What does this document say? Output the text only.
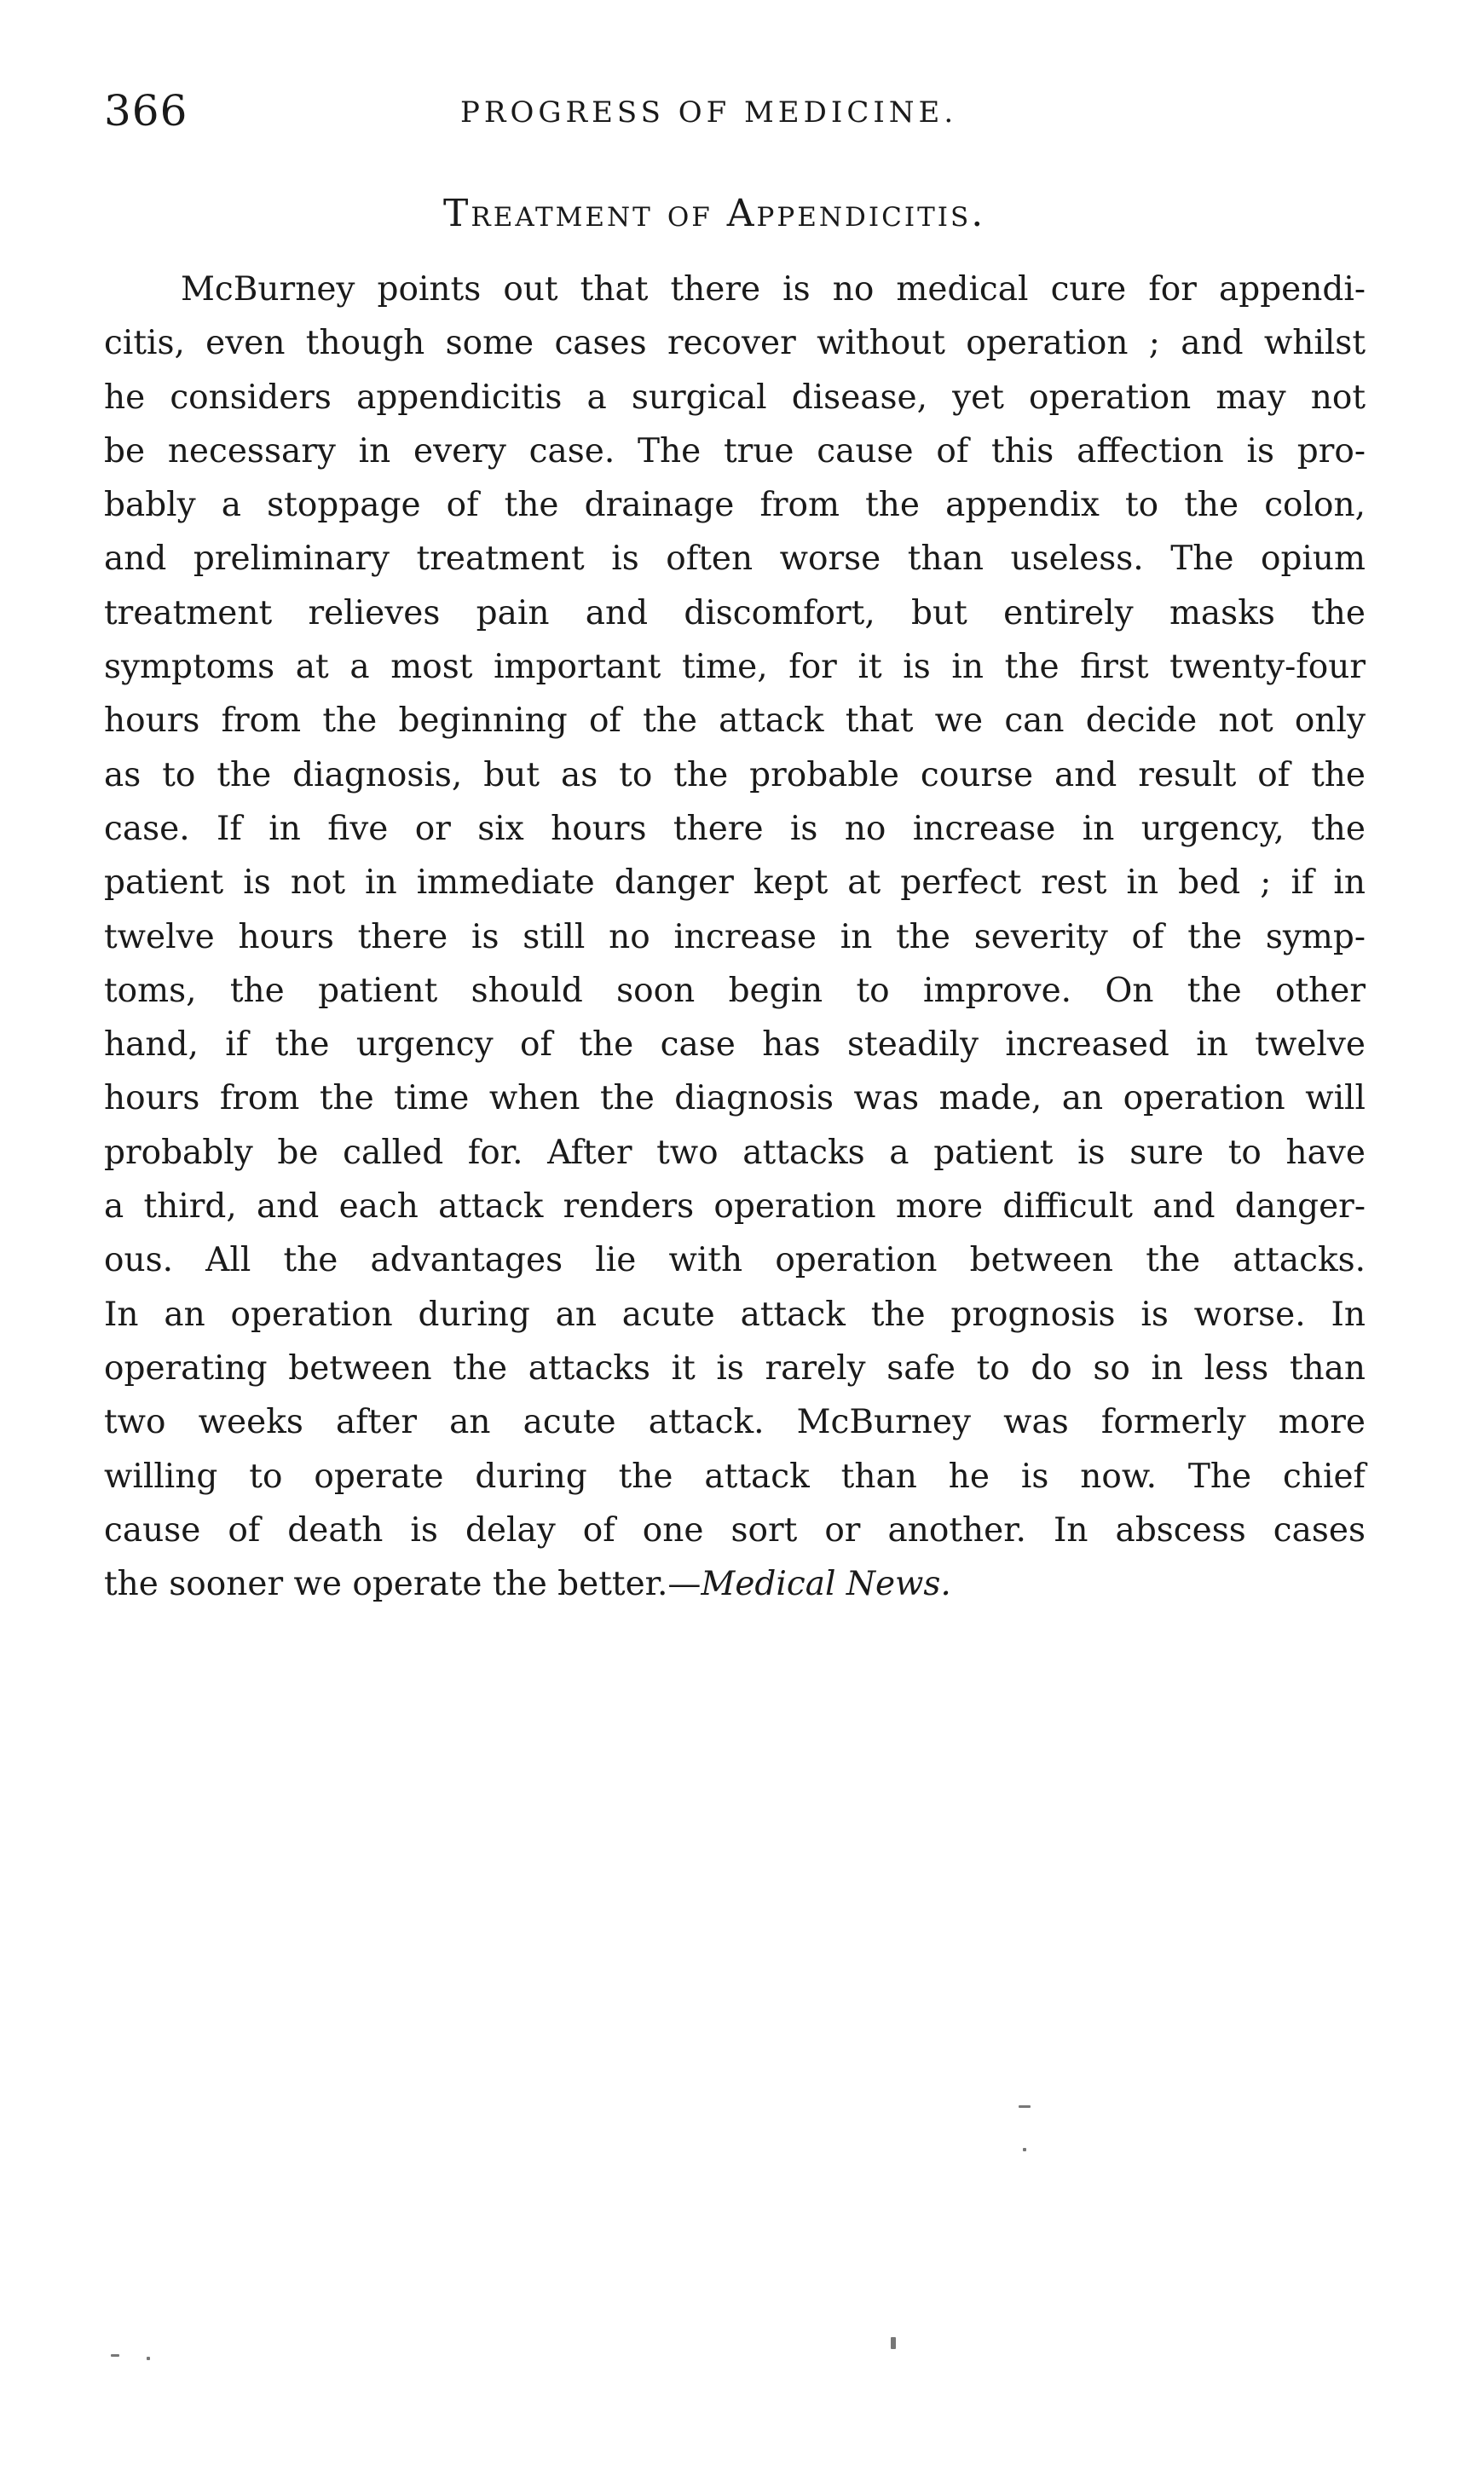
366	PROGRESS OF MEDICINE.
Treatment of Appendicitis.
McBurney points out that there is no medical cure for appendi-
citis, even though some cases recover without operation ; and whilst
he considers appendicitis a surgical disease, yet operation may not
be necessary in every case. The true cause of this affection is pro-
bably a stoppage of the drainage from the appendix to the colon,
and preliminary treatment is often worse than useless. The opium
treatment relieves pain and discomfort, but entirely masks the
symptoms at a most important time, for it is in the first twenty-four
hours from the beginning of the attack that we can decide not only
as to the diagnosis, but as to the probable course and result of the
case. If in five or six hours there is no increase in urgency, the
patient is not in immediate danger kept at perfect rest in bed ; if in
twelve hours there is still no increase in the severity of the symp-
toms, the patient should soon begin to improve. On the other
hand, if the urgency of the case has steadily increased in twelve
hours from the time when the diagnosis was made, an operation will
probably be called for. After two attacks a patient is sure to have
a third, and each attack renders operation more difficult and danger-
ous. All the advantages lie with operation between the attacks.
In an operation during an acute attack the prognosis is worse. In
operating between the attacks it is rarely safe to do so in less than
two weeks after an acute attack. McBurney was formerly more
willing to operate during the attack than he is now. The chief
cause of death is delay of one sort or another. In abscess cases
the sooner we operate the better.—Medical News.
